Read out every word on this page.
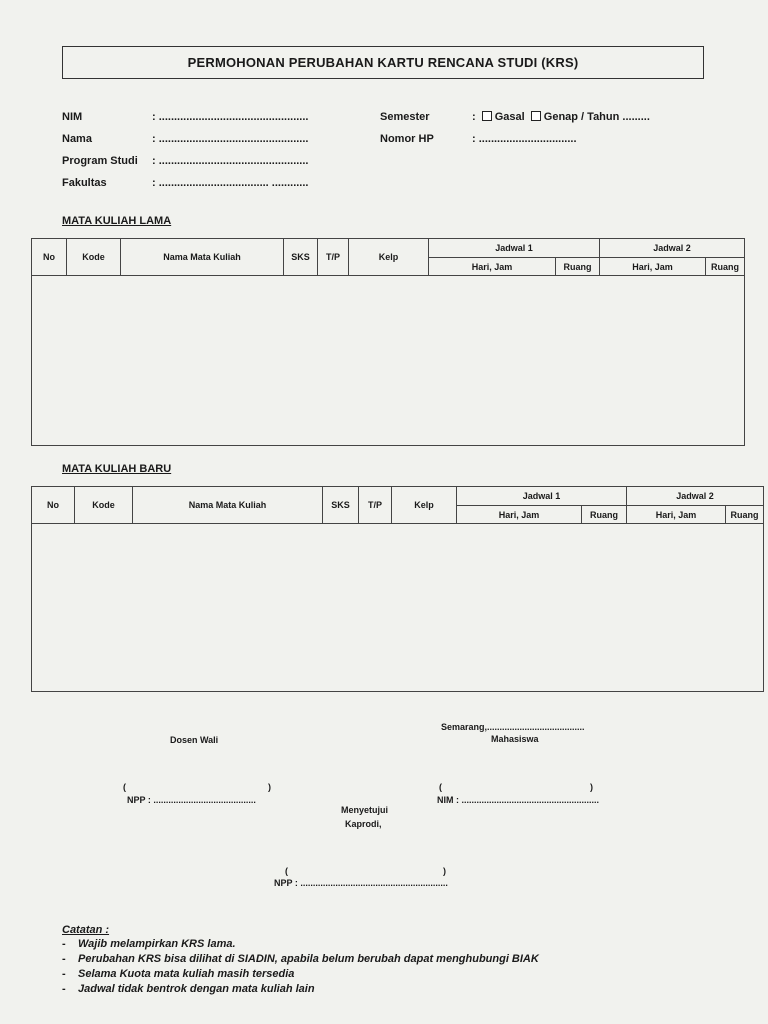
PERMOHONAN PERUBAHAN KARTU RENCANA STUDI (KRS)
NIM	: .................................................
Nama	: .................................................
Program Studi : .................................................
Fakultas	: .................................... ............
Semester	: Gasal Genap / Tahun .........
Nomor HP	: ................................
MATA KULIAH LAMA
No	Kode	Nama Mata Kuliah	SKS	T/P	Kelp	Jadwal 1		Jadwal 2	
						Hari, Jam	Ruang	Hari, Jam	Ruang

MATA KULIAH BARU
No	Kode	Nama Mata Kuliah	SKS	T/P	Kelp	Jadwal 1		Jadwal 2	
						Hari, Jam	Ruang	Hari, Jam	Ruang

Semarang,.......................................
Dosen Wali	Mahasiswa
(	)
NPP : .........................................
(	)
NIM : .......................................................
Menyetujui
Kaprodi,
(	)
NPP : ...........................................................
Catatan :
- Wajib melampirkan KRS lama.
- Perubahan KRS bisa dilihat di SIADIN, apabila belum berubah dapat menghubungi BIAK
- Selama Kuota mata kuliah masih tersedia
- Jadwal tidak bentrok dengan mata kuliah lain
